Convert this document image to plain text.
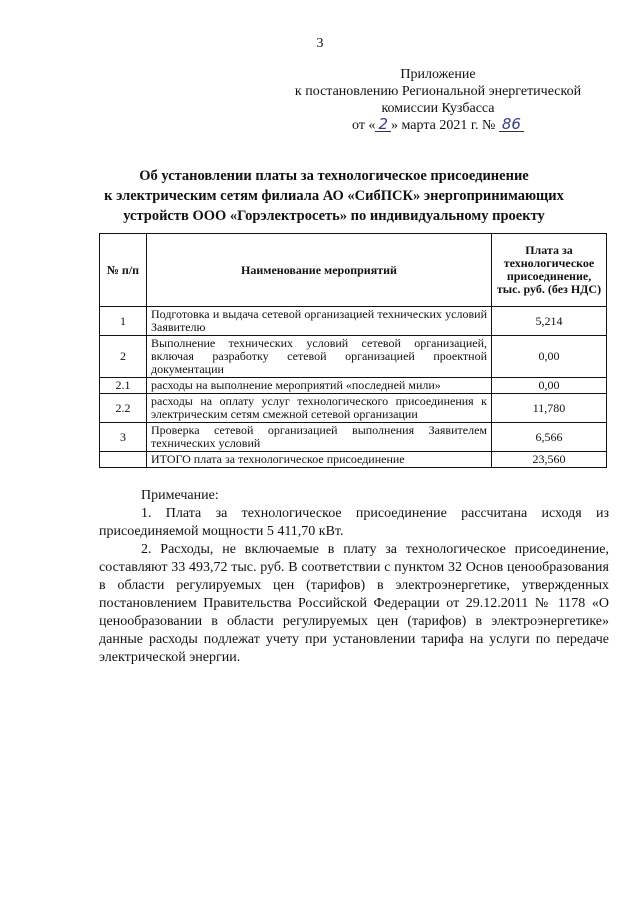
3
Приложение
к постановлению Региональной энергетической
комиссии Кузбасса
от « 2 » марта 2021 г. № 86
Об установлении платы за технологическое присоединение
к электрическим сетям филиала АО «СибПСК» энергопринимающих
устройств ООО «Горэлектросеть» по индивидуальному проекту
№ п/п	Наименование мероприятий	Плата за технологическое присоединение, тыс. руб. (без НДС)
1	Подготовка и выдача сетевой организацией технических условий Заявителю	5,214
2	Выполнение технических условий сетевой организацией, включая разработку сетевой организацией проектной документации	0,00
2.1	расходы на выполнение мероприятий «последней мили»	0,00
2.2	расходы на оплату услуг технологического присоединения к электрическим сетям смежной сетевой организации	11,780
3	Проверка сетевой организацией выполнения Заявителем технических условий	6,566
	ИТОГО плата за технологическое присоединение	23,560

Примечание:

1. Плата за технологическое присоединение рассчитана исходя из присоединяемой мощности 5 411,70 кВт.

2. Расходы, не включаемые в плату за технологическое присоединение, составляют 33 493,72 тыс. руб. В соответствии с пунктом 32 Основ ценообразования в области регулируемых цен (тарифов) в электроэнергетике, утвержденных постановлением Правительства Российской Федерации от 29.12.2011 № 1178 «О ценообразовании в области регулируемых цен (тарифов) в электроэнергетике» данные расходы подлежат учету при установлении тарифа на услуги по передаче электрической энергии.
